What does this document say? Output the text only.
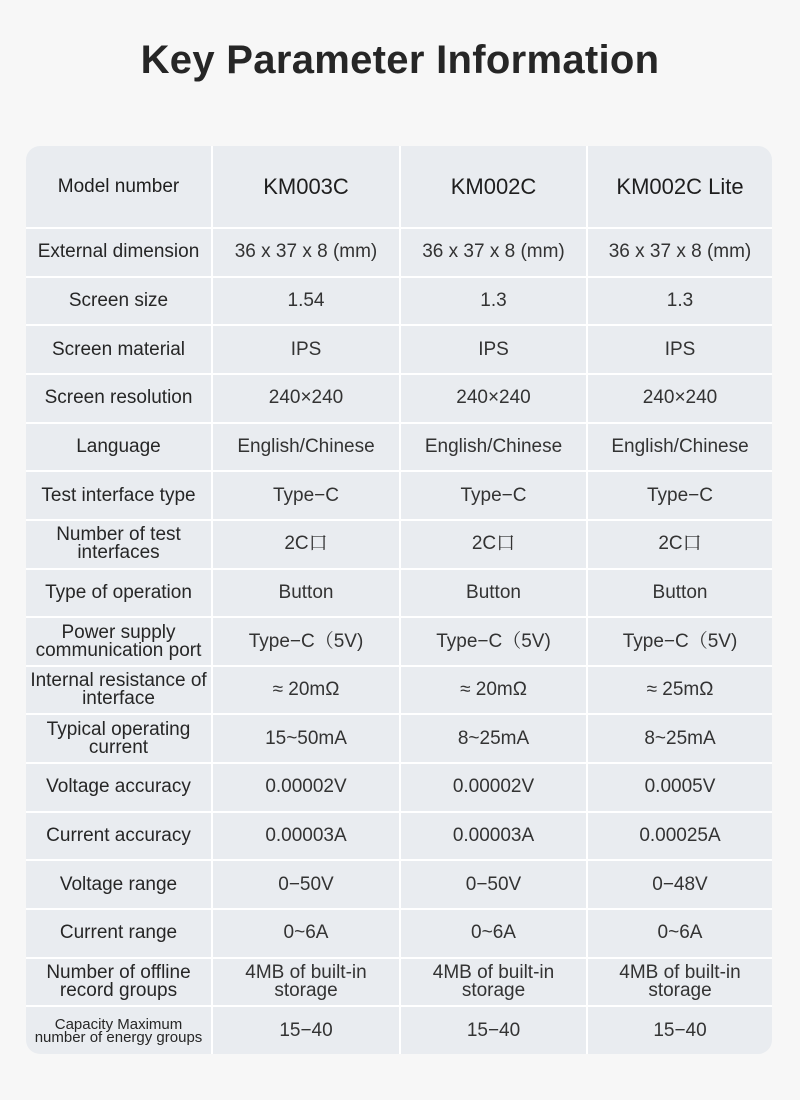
Key Parameter Information
Model number	KM003C	KM002C	KM002C Lite
External dimension	36 x 37 x 8 (mm)	36 x 37 x 8 (mm)	36 x 37 x 8 (mm)
Screen size	1.54	1.3	1.3
Screen material	IPS	IPS	IPS
Screen resolution	240×240	240×240	240×240
Language	English/Chinese	English/Chinese	English/Chinese
Test interface type	Type−C	Type−C	Type−C
Number of test interfaces	2C口	2C口	2C口
Type of operation	Button	Button	Button
Power supply communication port	Type−C（5V)	Type−C（5V)	Type−C（5V)
Internal resistance of interface	≈ 20mΩ	≈ 20mΩ	≈ 25mΩ
Typical operating current	15~50mA	8~25mA	8~25mA
Voltage accuracy	0.00002V	0.00002V	0.0005V
Current accuracy	0.00003A	0.00003A	0.00025A
Voltage range	0−50V	0−50V	0−48V
Current range	0~6A	0~6A	0~6A
Number of offline record groups	4MB of built-in storage	4MB of built-in storage	4MB of built-in storage
Capacity Maximum number of energy groups	15−40	15−40	15−40
